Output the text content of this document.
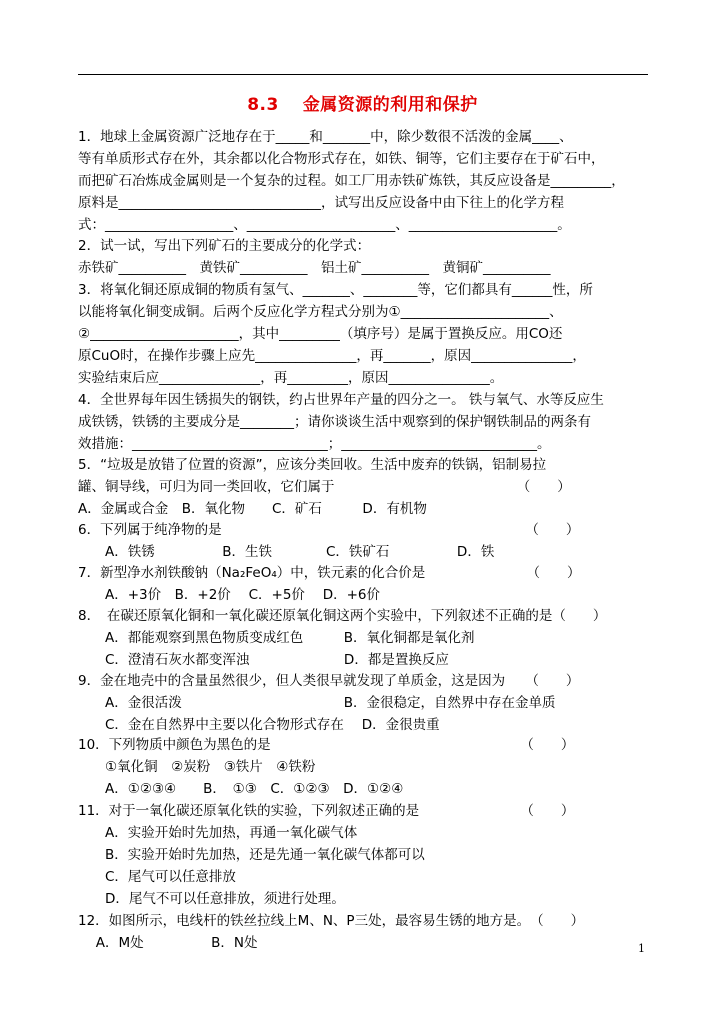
8.3　 金属资源的利用和保护
1．地球上金属资源广泛地存在于_____和_______中，除少数很不活泼的金属____、
等有单质形式存在外，其余都以化合物形式存在，如铁、铜等，它们主要存在于矿石中，
而把矿石冶炼成金属则是一个复杂的过程。如工厂用赤铁矿炼铁，其反应设备是_________，
原料是______________________________，试写出反应设备中由下往上的化学方程
式：___________________、______________________、______________________。
2．试一试，写出下列矿石的主要成分的化学式：
赤铁矿__________　黄铁矿__________　铝土矿__________　黄铜矿__________
3．将氧化铜还原成铜的物质有氢气、_______、________等，它们都具有______性，所
以能将氧化铜变成铜。后两个反应化学方程式分别为①______________________、
②______________________，其中_________（填序号）是属于置换反应。用CO还
原CuO时，在操作步骤上应先_______________，再_______，原因_______________，
实验结束后应_______________，再_________，原因_______________。
4．全世界每年因生锈损失的钢铁，约占世界年产量的四分之一。 铁与氧气、水等反应生
成铁锈，铁锈的主要成分是________；请你谈谈生活中观察到的保护钢铁制品的两条有
效措施：_____________________________；_____________________________。
5．“垃圾是放错了位置的资源”，应该分类回收。生活中废弃的铁锅，铝制易拉
罐、铜导线，可归为同一类回收，它们属于　　　　　　　　　　　　　　（　　）
A．金属或合金　B．氧化物　　C．矿石　　　D．有机物
6．下列属于纯净物的是　　　　　　　　　　　　　　　　　　　　　　　（　　）
　　A．铁锈　　　　　B．生铁　　　　C．铁矿石　　　　　D．铁
7．新型净水剂铁酸钠（Na₂FeO₄）中，铁元素的化合价是　　　　　　　　（　　）
　　A．+3价　B．+2价　 C．+5价　 D．+6价
8．　在碳还原氧化铜和一氧化碳还原氧化铜这两个实验中，下列叙述不正确的是（　　）
　　A．都能观察到黑色物质变成红色　　　B．氧化铜都是氧化剂
　　C．澄清石灰水都变浑浊　　　　　　　D．都是置换反应
9．金在地壳中的含量虽然很少，但人类很早就发现了单质金，这是因为　　（　　）
　　A．金很活泼　　　　　　　　　　　　B．金很稳定，自然界中存在金单质
　　C．金在自然界中主要以化合物形式存在　 D．金很贵重
10．下列物质中颜色为黑色的是　　　　　　　　　　　　　　　　　　　（　　）
　　①氧化铜　②炭粉　③铁片　④铁粉
　　A．①②③④　　B．　①③　C．①②③　D．①②④
11．对于一氧化碳还原氧化铁的实验，下列叙述正确的是　　　　　　　　（　　）
　　A．实验开始时先加热，再通一氧化碳气体
　　B．实验开始时先加热，还是先通一氧化碳气体都可以
　　C．尾气可以任意排放
　　D．尾气不可以任意排放，须进行处理。
12．如图所示，电线杆的铁丝拉线上M、N、P三处，最容易生锈的地方是。　（　　）
　 A．M处　　　　　B．N处	1
